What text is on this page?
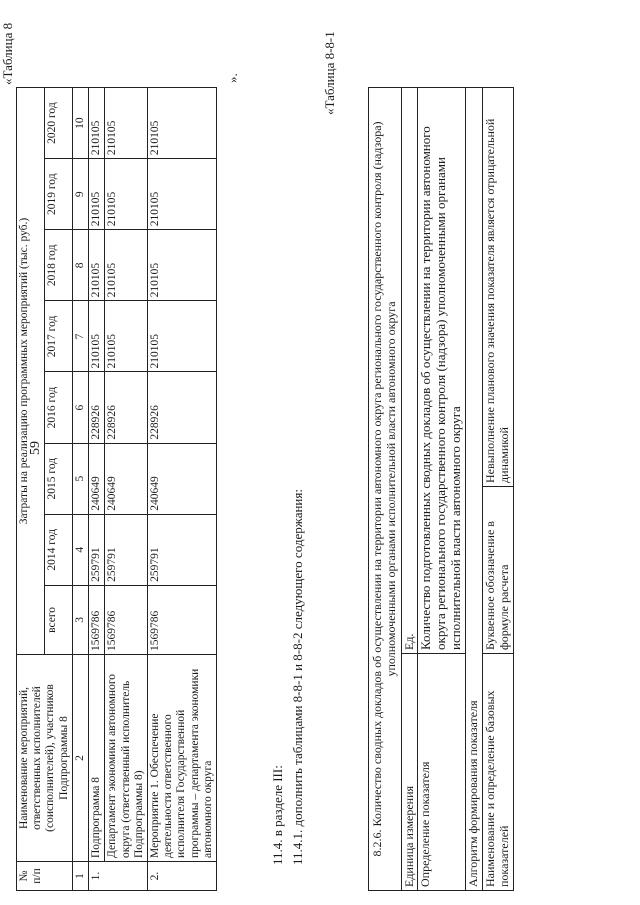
59
«Таблица 8
№ п/п	Наименование мероприятий, ответственных исполнителей (соисполнителей), участников Подпрограммы 8	Затраты на реализацию программных мероприятий (тыс. руб.)							
		всего	2014 год	2015 год	2016 год	2017 год	2018 год	2019 год	2020 год
1	2	3	4	5	6	7	8	9	10
1.	Подпрограмма 8	1569786	259791	240649	228926	210105	210105	210105	210105
	Департамент экономики автономного округа (ответственный исполнитель Подпрограммы 8)	1569786	259791	240649	228926	210105	210105	210105	210105
2.	Мероприятие 1. Обеспечение деятельности ответственного исполнителя Государственной программы – департамента экономики автономного округа	1569786	259791	240649	228926	210105	210105	210105	210105
».
11.4. в разделе III: 11.4.1. дополнить таблицами 8-8-1 и 8-8-2 следующего содержания:
«Таблица 8-8-1
8.2.6. Количество сводных докладов об осуществлении на территории автономного округа регионального государственного контроля (надзора) уполномоченными органами исполнительной власти автономного округа		
Единица измерения	Ед.	
Определение показателя	Количество подготовленных сводных докладов об осуществлении на территории автономного округа регионального государственного контроля (надзора) уполномоченными органами исполнительной власти автономного округа	
Алгоритм формирования показателя		
Наименование и определение базовых показателей	Буквенное обозначение в формуле расчета	Невыполнение планового значения показателя является отрицательной динамикой
